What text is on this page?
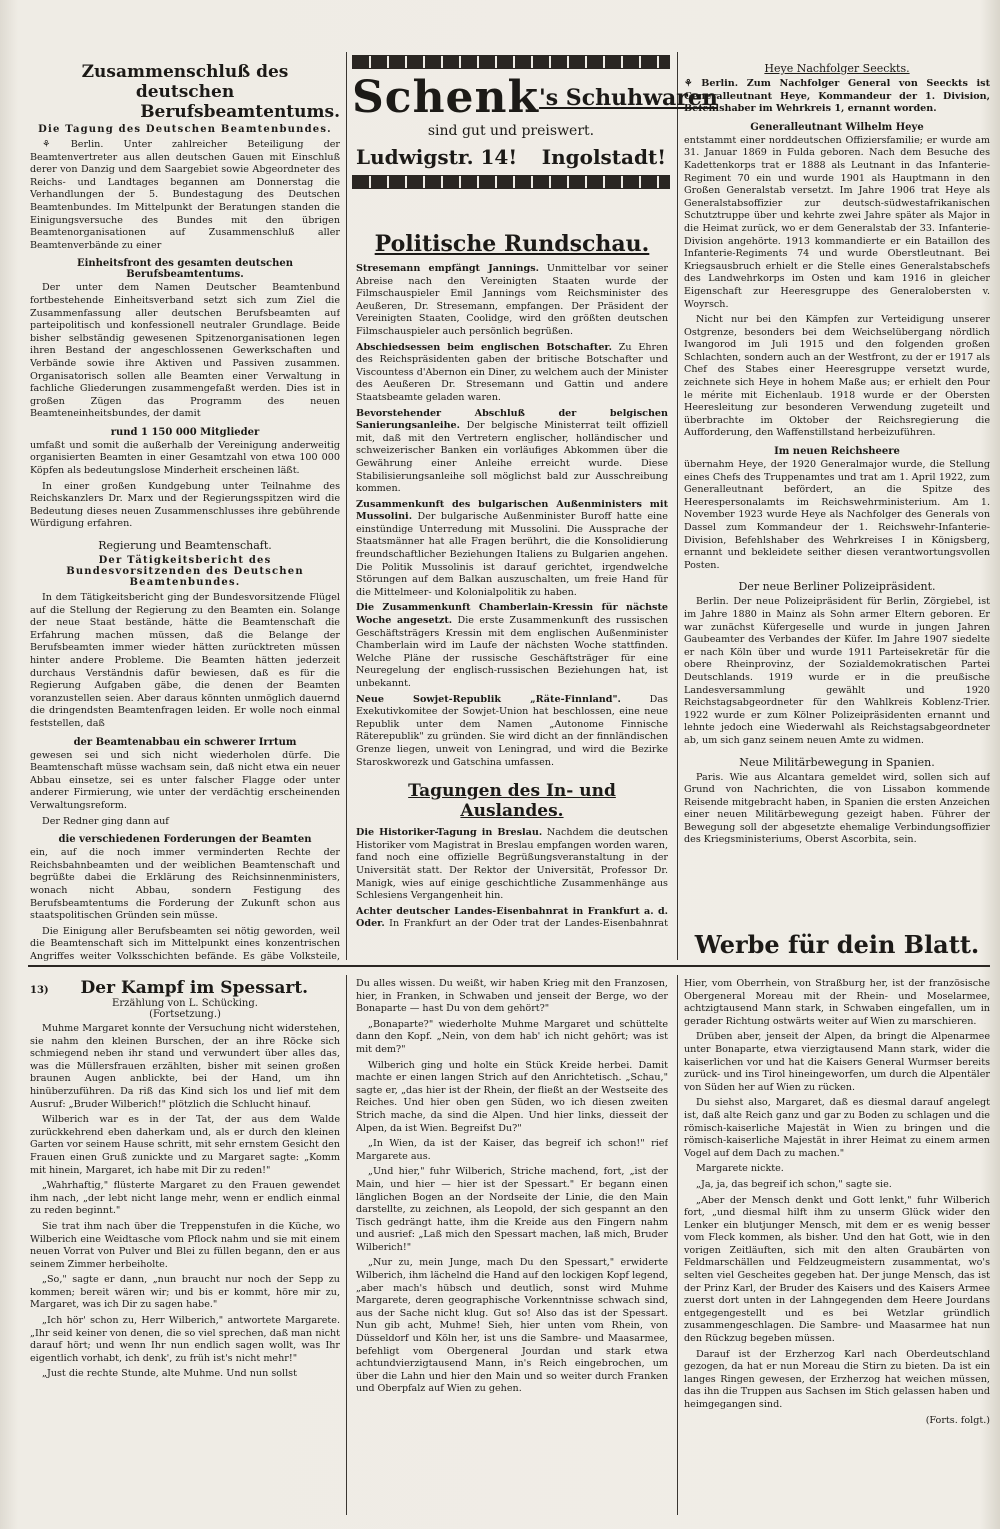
Zusammenschluß des deutschen
Berufsbeamtentums.
Die Tagung des Deutschen Beamtenbundes.

⚘ Berlin. Unter zahlreicher Beteiligung der Beamtenvertreter aus allen deutschen Gauen mit Einschluß derer von Danzig und dem Saargebiet sowie Abgeordneter des Reichs- und Landtages begannen am Donnerstag die Verhandlungen der 5. Bundestagung des Deutschen Beamtenbundes. Im Mittelpunkt der Beratungen standen die Einigungsversuche des Bundes mit den übrigen Beamtenorganisationen auf Zusammenschluß aller Beamtenverbände zu einer

Einheitsfront des gesamten deutschen Berufsbeamtentums.

Der unter dem Namen Deutscher Beamtenbund fortbestehende Einheitsverband setzt sich zum Ziel die Zusammenfassung aller deutschen Berufsbeamten auf parteipolitisch und konfessionell neutraler Grundlage. Beide bisher selbständig gewesenen Spitzenorganisationen legen ihren Bestand der angeschlossenen Gewerkschaften und Verbände sowie ihre Aktiven und Passiven zusammen. Organisatorisch sollen alle Beamten einer Verwaltung in fachliche Gliederungen zusammengefaßt werden. Dies ist in großen Zügen das Programm des neuen Beamteneinheitsbundes, der damit

rund 1 150 000 Mitglieder

umfaßt und somit die außerhalb der Vereinigung anderweitig organisierten Beamten in einer Gesamtzahl von etwa 100 000 Köpfen als bedeutungslose Minderheit erscheinen läßt.

In einer großen Kundgebung unter Teilnahme des Reichskanzlers Dr. Marx und der Regierungsspitzen wird die Bedeutung dieses neuen Zusammenschlusses ihre gebührende Würdigung erfahren.

Regierung und Beamtenschaft.
Der Tätigkeitsbericht des Bundesvorsitzenden des Deutschen Beamtenbundes.

In dem Tätigkeitsbericht ging der Bundesvorsitzende Flügel auf die Stellung der Regierung zu den Beamten ein. Solange der neue Staat bestände, hätte die Beamtenschaft die Erfahrung machen müssen, daß die Belange der Berufsbeamten immer wieder hätten zurücktreten müssen hinter andere Probleme. Die Beamten hätten jederzeit durchaus Verständnis dafür bewiesen, daß es für die Regierung Aufgaben gäbe, die denen der Beamten voranzustellen seien. Aber daraus könnten unmöglich dauernd die dringendsten Beamtenfragen leiden. Er wolle noch einmal feststellen, daß

der Beamtenabbau ein schwerer Irrtum

gewesen sei und sich nicht wiederholen dürfe. Die Beamtenschaft müsse wachsam sein, daß nicht etwa ein neuer Abbau einsetze, sei es unter falscher Flagge oder unter anderer Firmierung, wie unter der verdächtig erscheinenden Verwaltungsreform.

Der Redner ging dann auf

die verschiedenen Forderungen der Beamten

ein, auf die noch immer verminderten Rechte der Reichsbahnbeamten und der weiblichen Beamtenschaft und begrüßte dabei die Erklärung des Reichsinnenministers, wonach nicht Abbau, sondern Festigung des Berufsbeamtentums die Forderung der Zukunft schon aus staatspolitischen Gründen sein müsse.

Die Einigung aller Berufsbeamten sei nötig geworden, weil die Beamtenschaft sich im Mittelpunkt eines konzentrischen Angriffes weiter Volksschichten befände. Es gäbe Volksteile,

Schenk's Schuhwaren
sind gut und preiswert.
Ludwigstr. 14! Ingolstadt!
Politische Rundschau.

Stresemann empfängt Jannings. Unmittelbar vor seiner Abreise nach den Vereinigten Staaten wurde der Filmschauspieler Emil Jannings vom Reichsminister des Aeußeren, Dr. Stresemann, empfangen. Der Präsident der Vereinigten Staaten, Coolidge, wird den größten deutschen Filmschauspieler auch persönlich begrüßen.

Abschiedsessen beim englischen Botschafter. Zu Ehren des Reichspräsidenten gaben der britische Botschafter und Viscountess d'Abernon ein Diner, zu welchem auch der Minister des Aeußeren Dr. Stresemann und Gattin und andere Staatsbeamte geladen waren.

Bevorstehender Abschluß der belgischen Sanierungsanleihe. Der belgische Ministerrat teilt offiziell mit, daß mit den Vertretern englischer, holländischer und schweizerischer Banken ein vorläufiges Abkommen über die Gewährung einer Anleihe erreicht wurde. Diese Stabilisierungsanleihe soll möglichst bald zur Ausschreibung kommen.

Zusammenkunft des bulgarischen Außenministers mit Mussolini. Der bulgarische Außenminister Buroff hatte eine einstündige Unterredung mit Mussolini. Die Aussprache der Staatsmänner hat alle Fragen berührt, die die Konsolidierung freundschaftlicher Beziehungen Italiens zu Bulgarien angehen. Die Politik Mussolinis ist darauf gerichtet, irgendwelche Störungen auf dem Balkan auszuschalten, um freie Hand für die Mittelmeer- und Kolonialpolitik zu haben.

Die Zusammenkunft Chamberlain-Kressin für nächste Woche angesetzt. Die erste Zusammenkunft des russischen Geschäftsträgers Kressin mit dem englischen Außenminister Chamberlain wird im Laufe der nächsten Woche stattfinden. Welche Pläne der russische Geschäftsträger für eine Neuregelung der englisch-russischen Beziehungen hat, ist unbekannt.

Neue Sowjet-Republik „Räte-Finnland".	Das Exekutivkomitee der Sowjet-Union hat beschlossen, eine neue Republik unter dem Namen „Autonome Finnische Räterepublik" zu gründen. Sie wird dicht an der finnländischen Grenze liegen, unweit von Leningrad, und wird die Bezirke Staroskworezk und Gatschina umfassen.

Tagungen des In- und Auslandes.

Die Historiker-Tagung in Breslau. Nachdem die deutschen Historiker vom Magistrat in Breslau empfangen worden waren, fand noch eine offizielle Begrüßungsveranstaltung in der Universität statt. Der Rektor der Universität, Professor Dr. Manigk, wies auf einige geschichtliche Zusammenhänge aus Schlesiens Vergangenheit hin.

Achter deutscher Landes-Eisenbahnrat in Frankfurt a. d. Oder. In Frankfurt an der Oder trat der Landes-Eisenbahnrat

Heye Nachfolger Seeckts.

⚘ Berlin. Zum Nachfolger General von Seeckts ist Generalleutnant Heye, Kommandeur der 1. Division, Befehlshaber im Wehrkreis 1, ernannt worden.

Generalleutnant Wilhelm Heye

entstammt einer norddeutschen Offiziersfamilie; er wurde am 31. Januar 1869 in Fulda geboren. Nach dem Besuche des Kadettenkorps trat er 1888 als Leutnant in das Infanterie-Regiment 70 ein und wurde 1901 als Hauptmann in den Großen Generalstab versetzt. Im Jahre 1906 trat Heye als Generalstabsoffizier zur deutsch-südwestafrikanischen Schutztruppe über und kehrte zwei Jahre später als Major in die Heimat zurück, wo er dem Generalstab der 33. Infanterie-Division angehörte. 1913 kommandierte er ein Bataillon des Infanterie-Regiments 74 und wurde Oberstleutnant. Bei Kriegsausbruch erhielt er die Stelle eines Generalstabschefs des Landwehrkorps im Osten und kam 1916 in gleicher Eigenschaft zur Heeresgruppe des Generalobersten v. Woyrsch.

Nicht nur bei den Kämpfen zur Verteidigung unserer Ostgrenze, besonders bei dem Weichselübergang nördlich Iwangorod im Juli 1915 und den folgenden großen Schlachten, sondern auch an der Westfront, zu der er 1917 als Chef des Stabes einer Heeresgruppe versetzt wurde, zeichnete sich Heye in hohem Maße aus; er erhielt den Pour le mérite mit Eichenlaub. 1918 wurde er der Obersten Heeresleitung zur besonderen Verwendung zugeteilt und überbrachte im Oktober der Reichsregierung die Aufforderung, den Waffenstillstand herbeizuführen.

Im neuen Reichsheere

übernahm Heye, der 1920 Generalmajor wurde, die Stellung eines Chefs des Truppenamtes und trat am 1. April 1922, zum Generalleutnant befördert, an die Spitze des Heerespersonalamts im Reichswehrministerium. Am 1. November 1923 wurde Heye als Nachfolger des Generals von Dassel zum Kommandeur der 1. Reichswehr-Infanterie-Division, Befehlshaber des Wehrkreises I in Königsberg, ernannt und bekleidete seither diesen verantwortungsvollen Posten.

Der neue Berliner Polizeipräsident.

Berlin. Der neue Polizeipräsident für Berlin, Zörgiebel, ist im Jahre 1880 in Mainz als Sohn armer Eltern geboren. Er war zunächst Küfergeselle und wurde in jungen Jahren Gaubeamter des Verbandes der Küfer. Im Jahre 1907 siedelte er nach Köln über und wurde 1911 Parteisekretär für die obere Rheinprovinz, der Sozialdemokratischen Partei Deutschlands. 1919 wurde er in die preußische Landesversammlung gewählt und 1920 Reichstagsabgeordneter für den Wahlkreis Koblenz-Trier. 1922 wurde er zum Kölner Polizeipräsidenten ernannt und lehnte jedoch eine Wiederwahl als Reichstagsabgeordneter ab, um sich ganz seinem neuen Amte zu widmen.

Neue Militärbewegung in Spanien.

Paris. Wie aus Alcantara gemeldet wird, sollen sich auf Grund von Nachrichten, die von Lissabon kommende Reisende mitgebracht haben, in Spanien die ersten Anzeichen einer neuen Militärbewegung gezeigt haben. Führer der Bewegung soll der abgesetzte ehemalige Verbindungsoffizier des Kriegsministeriums, Oberst Ascorbita, sein.

Werbe für dein Blatt.
13)	Der Kampf im Spessart.
Erzählung von L. Schücking.
(Fortsetzung.)

Muhme Margaret konnte der Versuchung nicht widerstehen, sie nahm den kleinen Burschen, der an ihre Röcke sich schmiegend neben ihr stand und verwundert über alles das, was die Müllersfrauen erzählten, bisher mit seinen großen braunen Augen anblickte, bei der Hand, um ihn hinüberzuführen. Da riß das Kind sich los und lief mit dem Ausruf: „Bruder Wilberich!" plötzlich die Schlucht hinauf.

Wilberich war es in der Tat, der aus dem Walde zurückkehrend eben daherkam und, als er durch den kleinen Garten vor seinem Hause schritt, mit sehr ernstem Gesicht den Frauen einen Gruß zunickte und zu Margaret sagte: „Komm mit hinein, Margaret, ich habe mit Dir zu reden!"

„Wahrhaftig," flüsterte Margaret zu den Frauen gewendet ihm nach, „der lebt nicht lange mehr, wenn er endlich einmal zu reden beginnt."

Sie trat ihm nach über die Treppenstufen in die Küche, wo Wilberich eine Weidtasche vom Pflock nahm und sie mit einem neuen Vorrat von Pulver und Blei zu füllen begann, den er aus seinem Zimmer herbeiholte.

„So," sagte er dann, „nun braucht nur noch der Sepp zu kommen; bereit wären wir; und bis er kommt, höre mir zu, Margaret, was ich Dir zu sagen habe."

„Ich hör' schon zu, Herr Wilberich," antwortete Margarete. „Ihr seid keiner von denen, die so viel sprechen, daß man nicht darauf hört; und wenn Ihr nun endlich sagen wollt, was Ihr eigentlich vorhabt, ich denk', zu früh ist's nicht mehr!"

„Just die rechte Stunde, alte Muhme. Und nun sollst

Du alles wissen. Du weißt, wir haben Krieg mit den Franzosen, hier, in Franken, in Schwaben und jenseit der Berge, wo der Bonaparte — hast Du von dem gehört?"

„Bonaparte?" wiederholte Muhme Margaret und schüttelte dann den Kopf. „Nein, von dem hab' ich nicht gehört; was ist mit dem?"

Wilberich ging und holte ein Stück Kreide herbei. Damit machte er einen langen Strich auf den Anrichtetisch. „Schau," sagte er, „das hier ist der Rhein, der fließt an der Westseite des Reiches. Und hier oben gen Süden, wo ich diesen zweiten Strich mache, da sind die Alpen. Und hier links, diesseit der Alpen, da ist Wien. Begreifst Du?"

„In Wien, da ist der Kaiser, das begreif ich schon!" rief Margarete aus.

„Und hier," fuhr Wilberich, Striche machend, fort, „ist der Main, und hier — hier ist der Spessart." Er begann einen länglichen Bogen an der Nordseite der Linie, die den Main darstellte, zu zeichnen, als Leopold, der sich gespannt an den Tisch gedrängt hatte, ihm die Kreide aus den Fingern nahm und ausrief: „Laß mich den Spessart machen, laß mich, Bruder Wilberich!"

„Nur zu, mein Junge, mach Du den Spessart," erwiderte Wilberich, ihm lächelnd die Hand auf den lockigen Kopf legend, „aber mach's hübsch und deutlich, sonst wird Muhme Margarete, deren geographische Vorkenntnisse schwach sind, aus der Sache nicht klug. Gut so! Also das ist der Spessart. Nun gib acht, Muhme! Sieh, hier unten vom Rhein, von Düsseldorf und Köln her, ist uns die Sambre- und Maasarmee, befehligt vom Obergeneral Jourdan und stark etwa achtundvierzigtausend Mann, in's Reich eingebrochen, um über die Lahn und hier den Main und so weiter durch Franken und Oberpfalz auf Wien zu gehen.

Hier, vom Oberrhein, von Straßburg her, ist der französische Obergeneral Moreau mit der Rhein- und Moselarmee, achtzigtausend Mann stark, in Schwaben eingefallen, um in gerader Richtung ostwärts weiter auf Wien zu marschieren.

Drüben aber, jenseit der Alpen, da bringt die Alpenarmee unter Bonaparte, etwa vierzigtausend Mann stark, wider die kaiserlichen vor und hat die Kaisers General Wurmser bereits zurück- und ins Tirol hineingeworfen, um durch die Alpentäler von Süden her auf Wien zu rücken.

Du siehst also, Margaret, daß es diesmal darauf angelegt ist, daß alte Reich ganz und gar zu Boden zu schlagen und die römisch-kaiserliche Majestät in Wien zu bringen und die römisch-kaiserliche Majestät in ihrer Heimat zu einem armen Vogel auf dem Dach zu machen."

Margarete nickte.

„Ja, ja, das begreif ich schon," sagte sie.

„Aber der Mensch denkt und Gott lenkt," fuhr Wilberich fort, „und diesmal hilft ihm zu unserm Glück wider den Lenker ein blutjunger Mensch, mit dem er es wenig besser vom Fleck kommen, als bisher. Und den hat Gott, wie in den vorigen Zeitläuften, sich mit den alten Graubärten von Feldmarschällen und Feldzeugmeistern zusammentat, wo's selten viel Gescheites gegeben hat. Der junge Mensch, das ist der Prinz Karl, der Bruder des Kaisers und des Kaisers Armee zuerst dort unten in der Lahngegenden dem Heere Jourdans entgegengestellt und es bei Wetzlar gründlich zusammengeschlagen. Die Sambre- und Maasarmee hat nun den Rückzug begeben müssen.

Darauf ist der Erzherzog Karl nach Oberdeutschland gezogen, da hat er nun Moreau die Stirn zu bieten. Da ist ein langes Ringen gewesen, der Erzherzog hat weichen müssen, das ihn die Truppen aus Sachsen im Stich gelassen haben und heimgegangen sind.

(Forts. folgt.)
